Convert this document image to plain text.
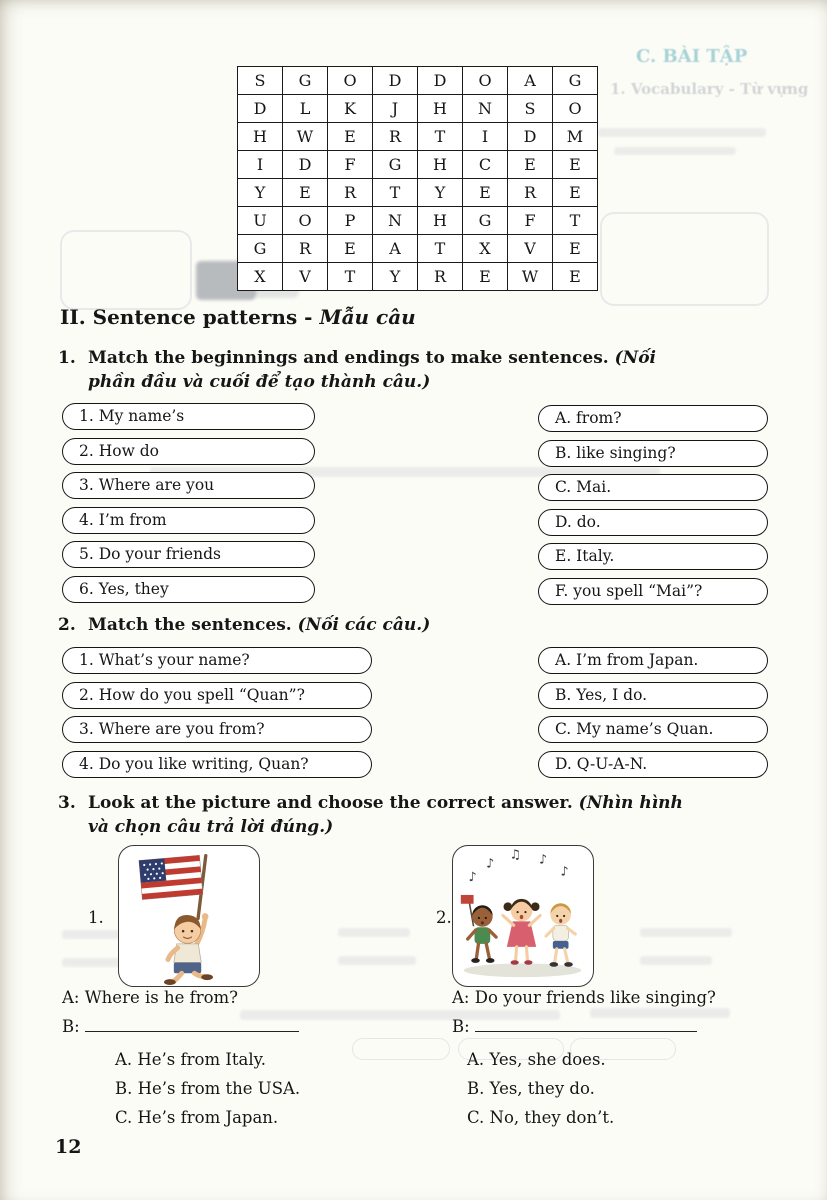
C. BÀI TẬP
1. Vocabulary - Từ vựng
S	G	O	D	D	O	A	G
D	L	K	J	H	N	S	O
H	W	E	R	T	I	D	M
I	D	F	G	H	C	E	E
Y	E	R	T	Y	E	R	E
U	O	P	N	H	G	F	T
G	R	E	A	T	X	V	E
X	V	T	Y	R	E	W	E
II. Sentence patterns - Mẫu câu
1. Match the beginnings and endings to make sentences. (Nối phần đầu và cuối để tạo thành câu.)
1. My name’s
2. How do
3. Where are you
4. I’m from
5. Do your friends
6. Yes, they
A. from?
B. like singing?
C. Mai.
D. do.
E. Italy.
F. you spell “Mai”?
2. Match the sentences. (Nối các câu.)
1. What’s your name?
2. How do you spell “Quan”?
3. Where are you from?
4. Do you like writing, Quan?
A. I’m from Japan.
B. Yes, I do.
C. My name’s Quan.
D. Q-U-A-N.
3. Look at the picture and choose the correct answer. (Nhìn hình và chọn câu trả lời đúng.)
1.	2.
♪
♫ ♪
♪
♪
A: Where is he from?
B:
A. He’s from Italy.
B. He’s from the USA.
C. He’s from Japan.
A: Do your friends like singing?
B:
A. Yes, she does.
B. Yes, they do.
C. No, they don’t.
12
